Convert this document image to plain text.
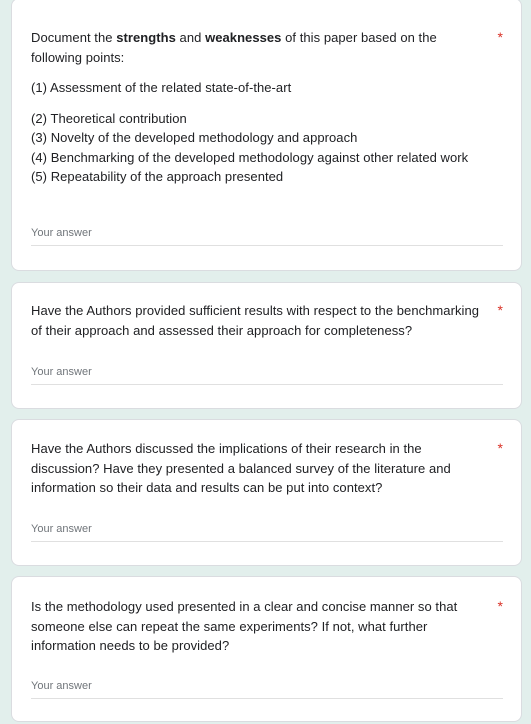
Document the strengths and weaknesses of this paper based on the following points:

(1) Assessment of the related state-of-the-art

(2) Theoretical contribution

(3) Novelty of the developed methodology and approach

(4) Benchmarking of the developed methodology against other related work

(5) Repeatability of the approach presented

*
Your answer
Have the Authors provided sufficient results with respect to the benchmarking of their approach and assessed their approach for completeness?
*
Your answer
Have the Authors discussed the implications of their research in the discussion? Have they presented a balanced survey of the literature and information so their data and results can be put into context?
*
Your answer
Is the methodology used presented in a clear and concise manner so that someone else can repeat the same experiments? If not, what further information needs to be provided?
*
Your answer
